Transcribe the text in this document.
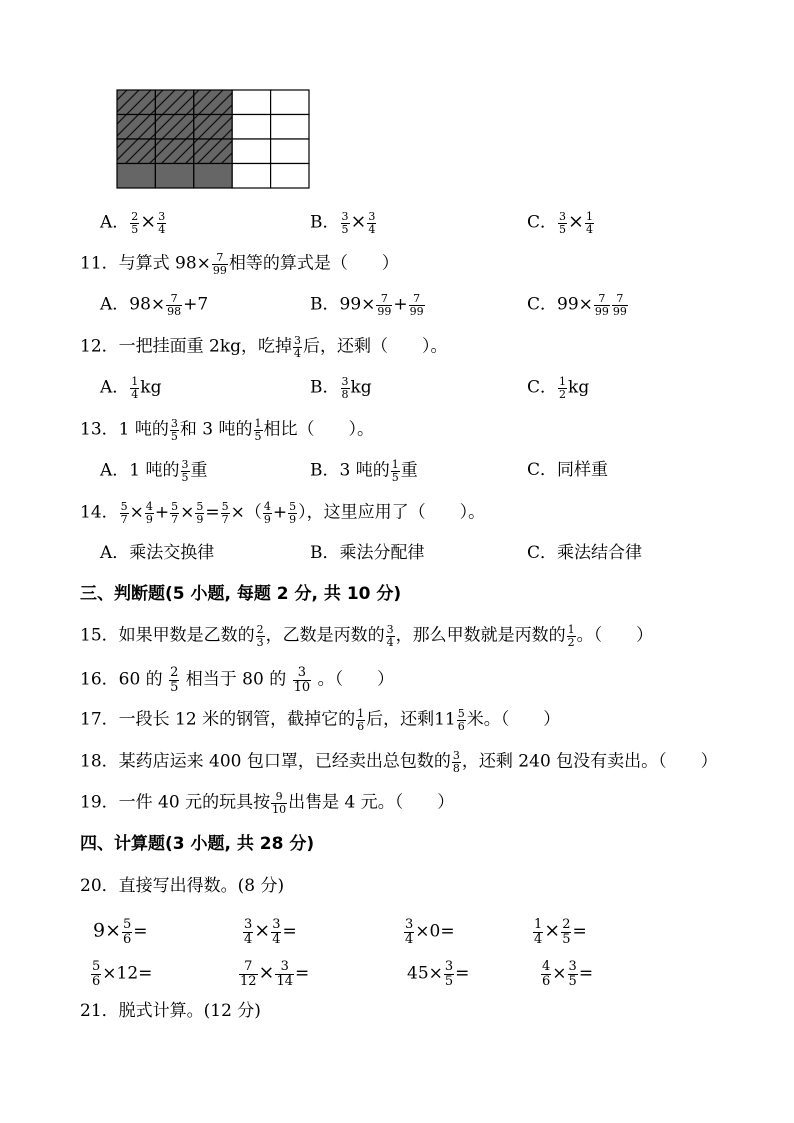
A． $\frac{2}{5} \times \frac{3}{4}$	B． $\frac{3}{5} \times \frac{3}{4}$	C． $\frac{3}{5} \times \frac{1}{4}$
11．与算式 $98\times \frac{7}{99}$ 相等的算式是（　　）
A．$98\times \frac{7}{98} +7$	B．$99\times \frac{7}{99} + \frac{7}{99}$	C．$99\times \frac{7}{99} \frac{7}{99}$
12．一把挂面重 2kg，吃掉 $\frac{3}{4}$ 后，还剩（　　）。
A． $\frac{1}{4}$ kg	B． $\frac{3}{8}$ kg	C． $\frac{1}{2}$ kg
13．1 吨的 $\frac{3}{5}$ 和 3 吨的 $\frac{1}{5}$ 相比（　　）。
A．1 吨的 $\frac{3}{5}$ 重	B．3 吨的 $\frac{1}{5}$ 重	C．同样重
14． $\frac{5}{7} \times \frac{4}{9} + \frac{5}{7} \times \frac{5}{9} = \frac{5}{7}$ ×（ $\frac{4}{9} + \frac{5}{9}$ ），这里应用了（　　）。
A．乘法交换律	B．乘法分配律	C．乘法结合律
三、判断题(5 小题, 每题 2 分, 共 10 分)
15．如果甲数是乙数的 $\frac{2}{3}$ ，乙数是丙数的 $\frac{3}{4}$ ，那么甲数就是丙数的 $\frac{1}{2}$ 。（　　）
16．60 的 $\frac{2}{5}$ 相当于 80 的 $\frac{3}{10}$ 。（　　）
17．一段长 12 米的钢管，截掉它的 $\frac{1}{6}$ 后，还剩$11 \frac{5}{6}$ 米。（　　）
18．某药店运来 400 包口罩，已经卖出总包数的 $\frac{3}{8}$ ，还剩 240 包没有卖出。（　　）
19．一件 40 元的玩具按 $\frac{9}{10}$ 出售是 4 元。（　　）
四、计算题(3 小题, 共 28 分)
20．直接写出得数。(8 分)
$9\times \frac{5}{6}$ =	$\frac{3}{4} \times \frac{3}{4}$ =	$\frac{3}{4} \times 0=$	$\frac{1}{4} \times \frac{2}{5}$ =
$\frac{5}{6} \times 12=$	$\frac{7}{12} \times \frac{3}{14}$ =	$45\times \frac{3}{5}$ =	$\frac{4}{6} \times \frac{3}{5}$ =
21．脱式计算。(12 分)
